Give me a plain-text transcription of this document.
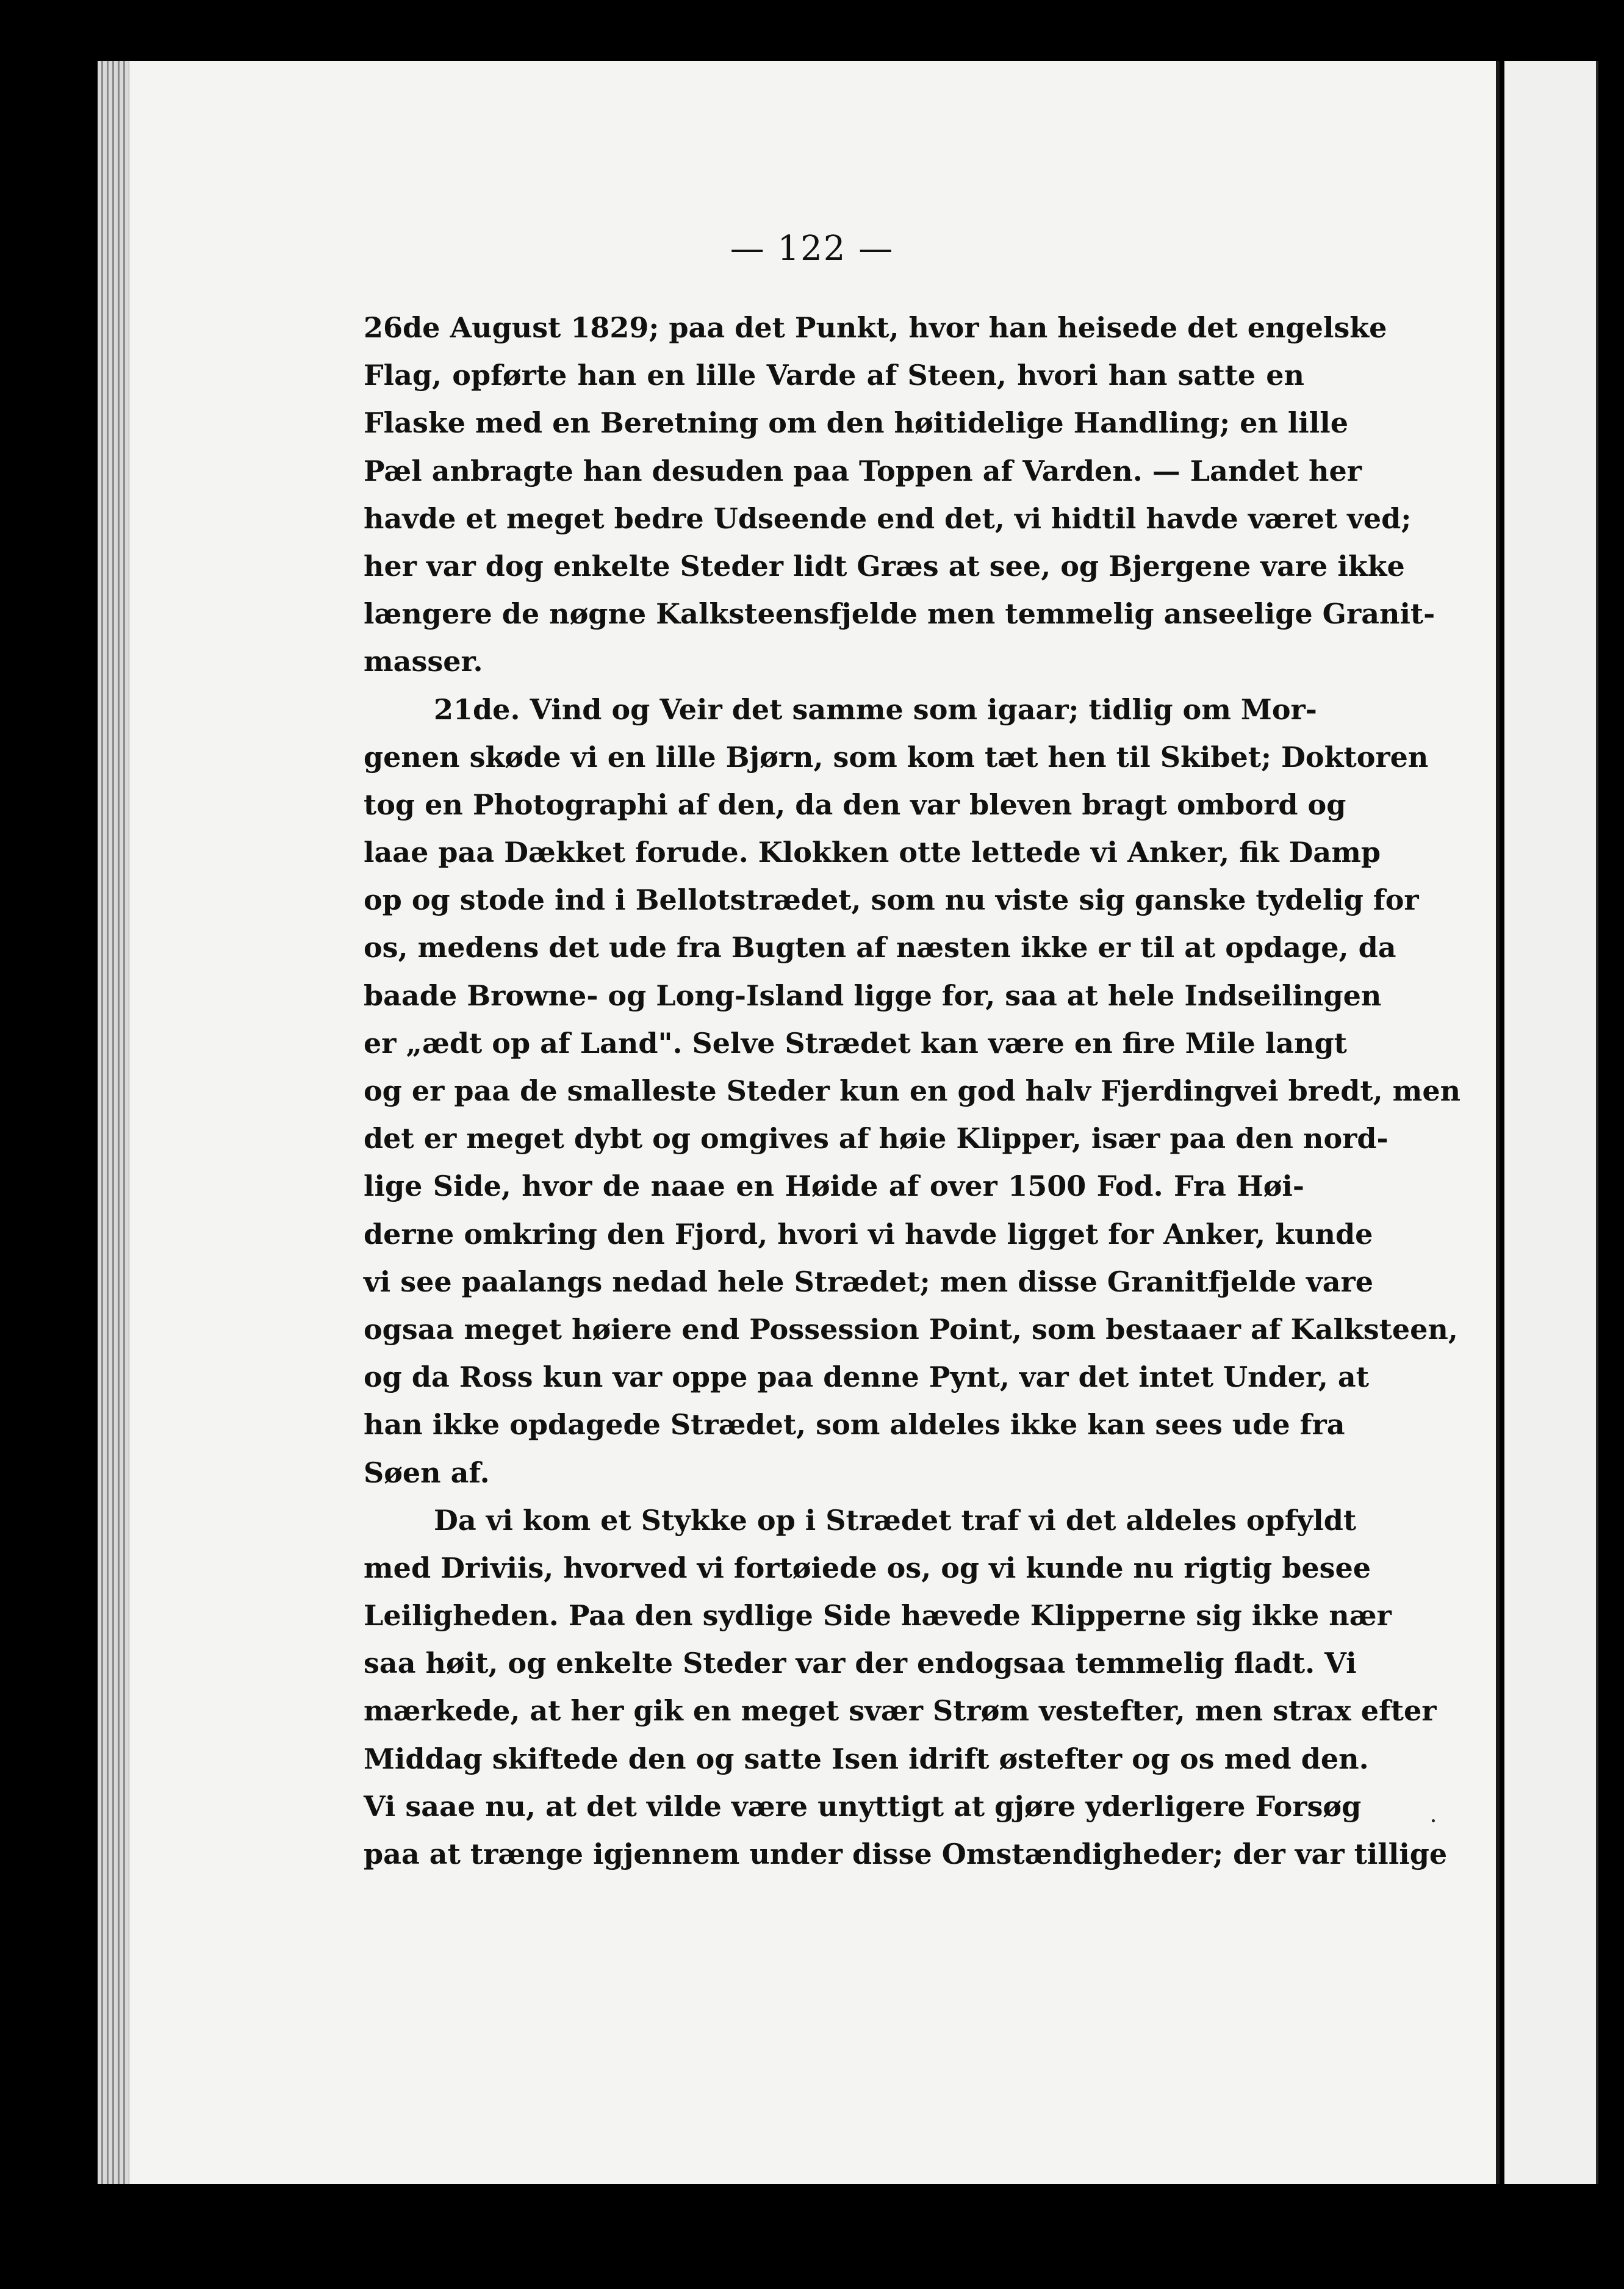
— 122 —
26de August 1829; paa det Punkt, hvor han heisede det engelske
Flag, opførte han en lille Varde af Steen, hvori han satte en
Flaske med en Beretning om den høitidelige Handling; en lille
Pæl anbragte han desuden paa Toppen af Varden. — Landet her
havde et meget bedre Udseende end det, vi hidtil havde været ved;
her var dog enkelte Steder lidt Græs at see, og Bjergene vare ikke
længere de nøgne Kalksteensfjelde men temmelig anseelige Granit-
masser.
21de. Vind og Veir det samme som igaar; tidlig om Mor-
genen skøde vi en lille Bjørn, som kom tæt hen til Skibet; Doktoren
tog en Photographi af den, da den var bleven bragt ombord og
laae paa Dækket forude. Klokken otte lettede vi Anker, fik Damp
op og stode ind i Bellotstrædet, som nu viste sig ganske tydelig for
os, medens det ude fra Bugten af næsten ikke er til at opdage, da
baade Browne- og Long-Island ligge for, saa at hele Indseilingen
er „ædt op af Land". Selve Strædet kan være en fire Mile langt
og er paa de smalleste Steder kun en god halv Fjerdingvei bredt, men
det er meget dybt og omgives af høie Klipper, især paa den nord-
lige Side, hvor de naae en Høide af over 1500 Fod. Fra Høi-
derne omkring den Fjord, hvori vi havde ligget for Anker, kunde
vi see paalangs nedad hele Strædet; men disse Granitfjelde vare
ogsaa meget høiere end Possession Point, som bestaaer af Kalksteen,
og da Ross kun var oppe paa denne Pynt, var det intet Under, at
han ikke opdagede Strædet, som aldeles ikke kan sees ude fra
Søen af.
Da vi kom et Stykke op i Strædet traf vi det aldeles opfyldt
med Driviis, hvorved vi fortøiede os, og vi kunde nu rigtig besee
Leiligheden. Paa den sydlige Side hævede Klipperne sig ikke nær
saa høit, og enkelte Steder var der endogsaa temmelig fladt. Vi
mærkede, at her gik en meget svær Strøm vestefter, men strax efter
Middag skiftede den og satte Isen idrift østefter og os med den.
Vi saae nu, at det vilde være unyttigt at gjøre yderligere Forsøg
paa at trænge igjennem under disse Omstændigheder; der var tillige
